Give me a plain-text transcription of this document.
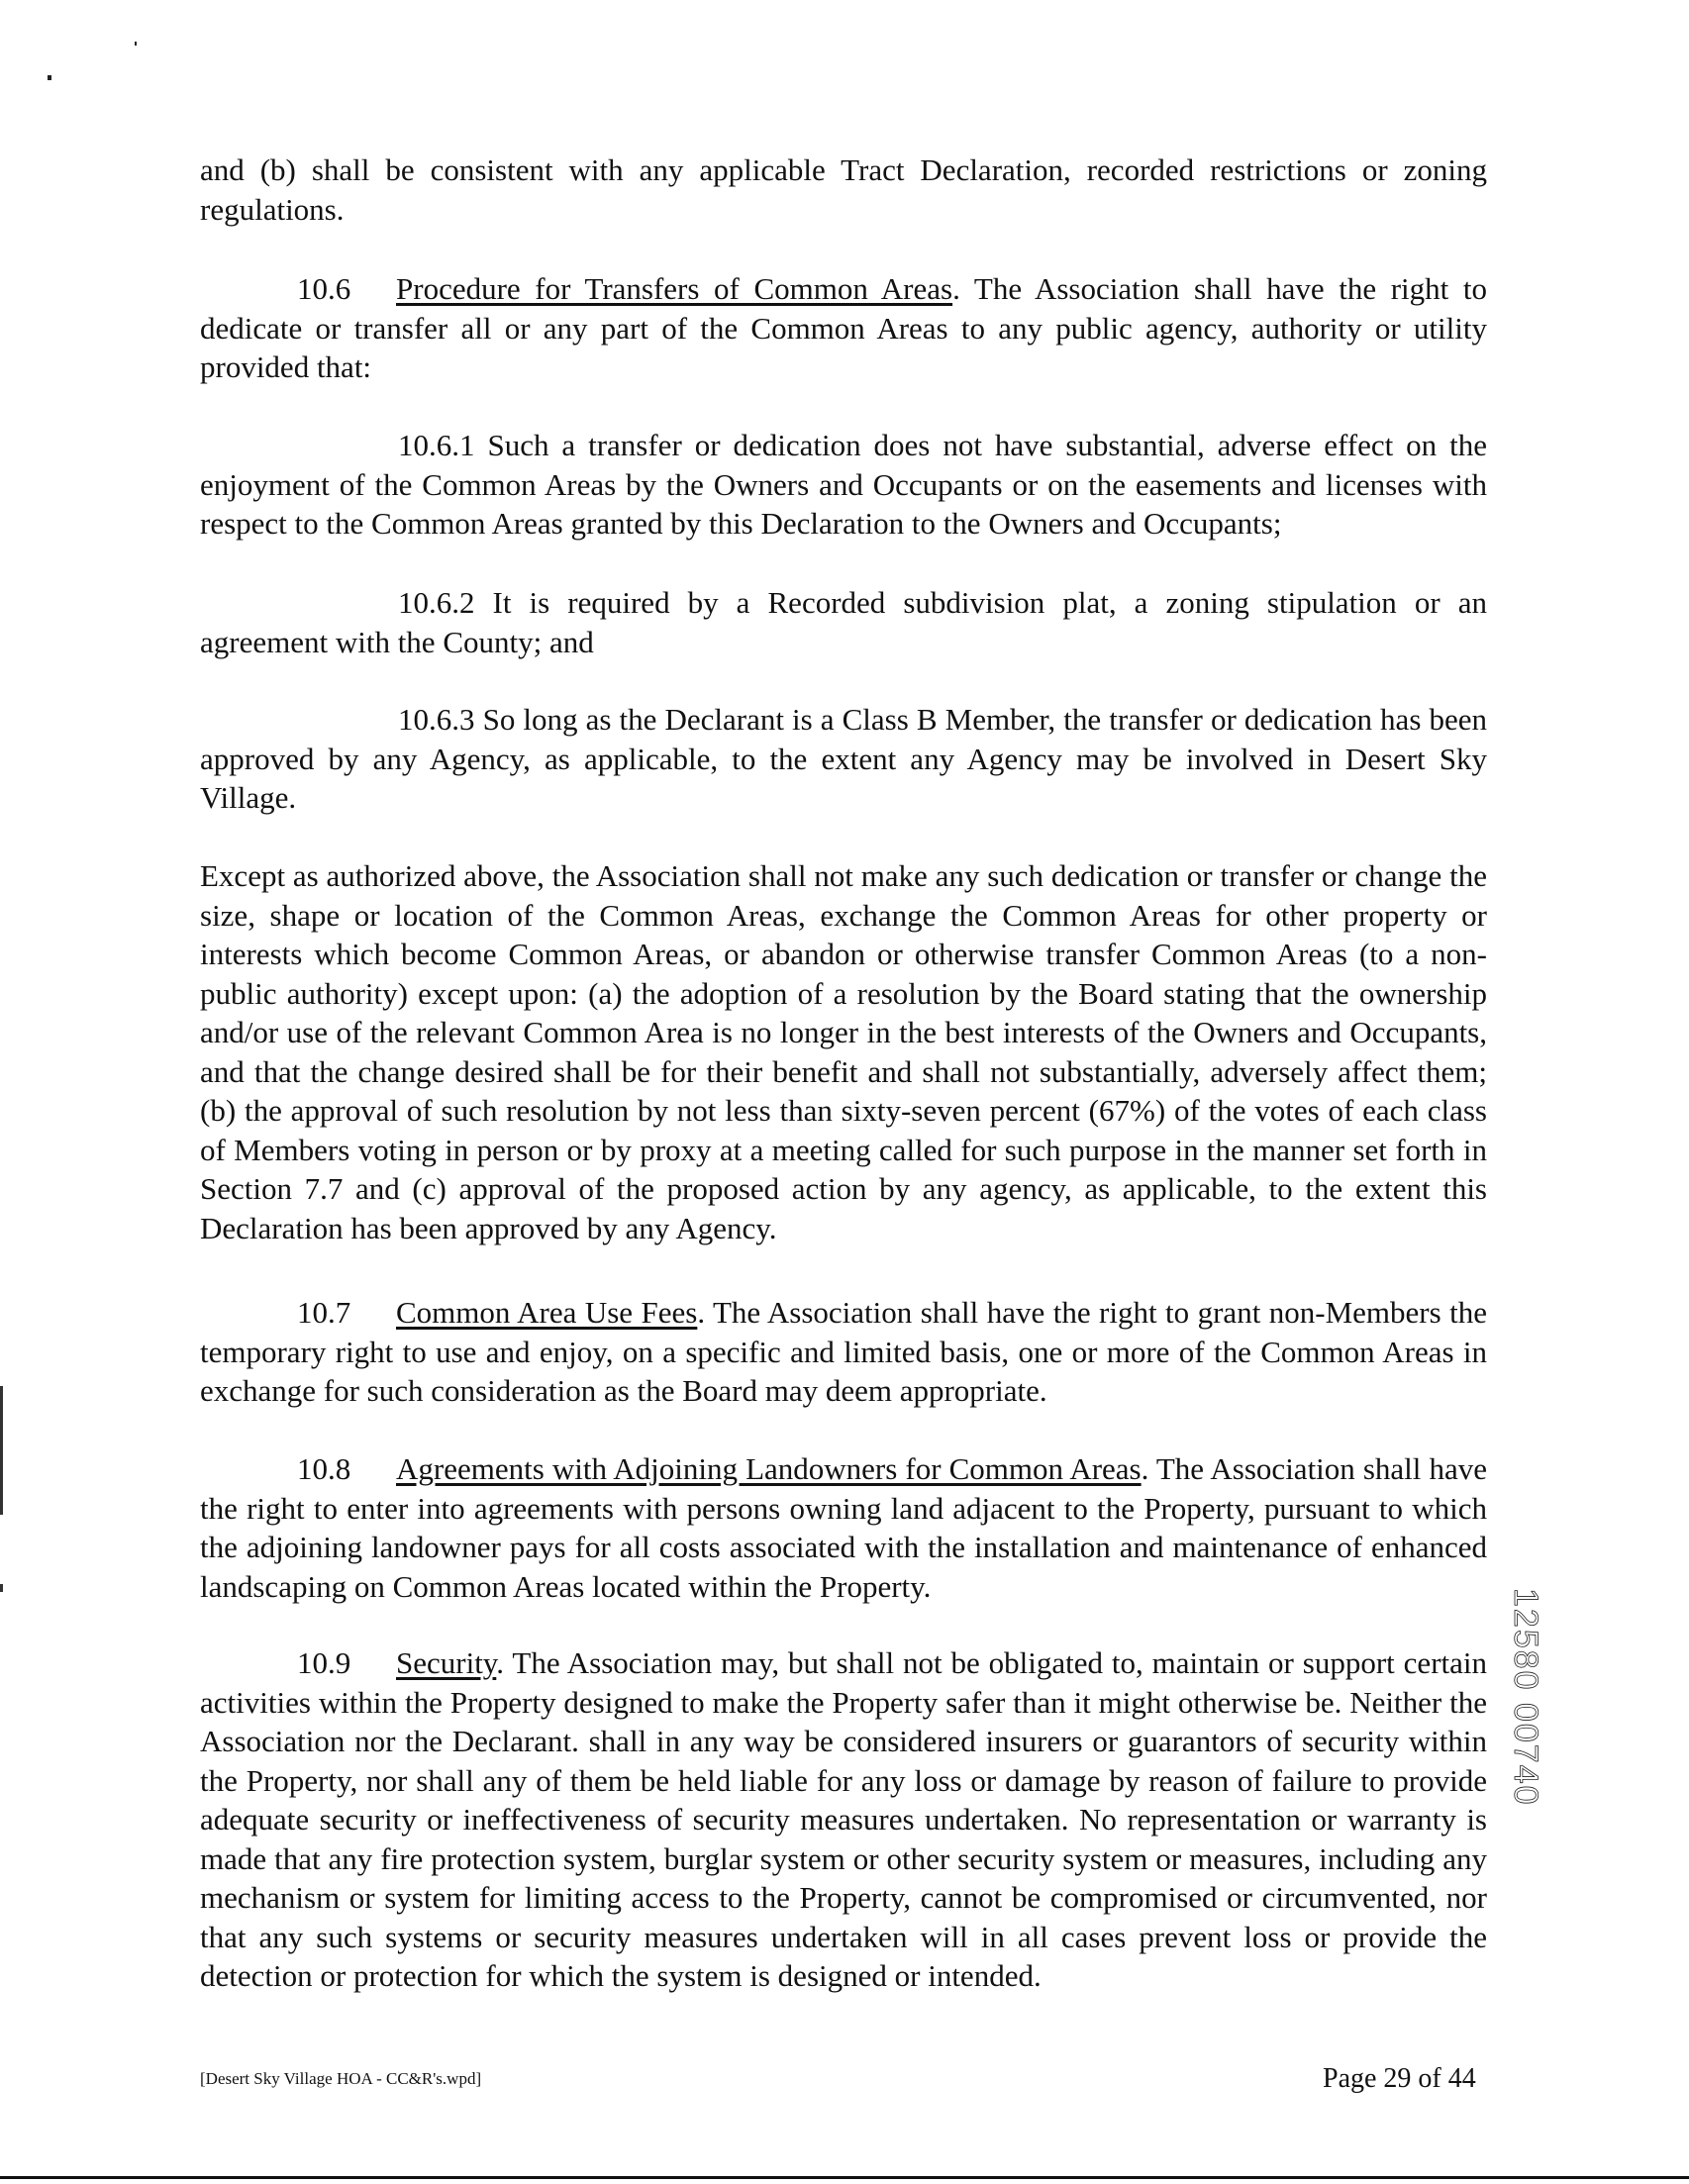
and (b) shall be consistent with any applicable Tract Declaration, recorded restrictions or zoning regulations.
10.6 Procedure for Transfers of Common Areas. The Association shall have the right to dedicate or transfer all or any part of the Common Areas to any public agency, authority or utility provided that:
10.6.1 Such a transfer or dedication does not have substantial, adverse effect on the enjoyment of the Common Areas by the Owners and Occupants or on the easements and licenses with respect to the Common Areas granted by this Declaration to the Owners and Occupants;
10.6.2 It is required by a Recorded subdivision plat, a zoning stipulation or an agreement with the County; and
10.6.3 So long as the Declarant is a Class B Member, the transfer or dedication has been approved by any Agency, as applicable, to the extent any Agency may be involved in Desert Sky Village.
Except as authorized above, the Association shall not make any such dedication or transfer or change the size, shape or location of the Common Areas, exchange the Common Areas for other property or interests which become Common Areas, or abandon or otherwise transfer Common Areas (to a non-public authority) except upon: (a) the adoption of a resolution by the Board stating that the ownership and/or use of the relevant Common Area is no longer in the best interests of the Owners and Occupants, and that the change desired shall be for their benefit and shall not substantially, adversely affect them; (b) the approval of such resolution by not less than sixty-seven percent (67%) of the votes of each class of Members voting in person or by proxy at a meeting called for such purpose in the manner set forth in Section 7.7 and (c) approval of the proposed action by any agency, as applicable, to the extent this Declaration has been approved by any Agency.
10.7 Common Area Use Fees. The Association shall have the right to grant non-Members the temporary right to use and enjoy, on a specific and limited basis, one or more of the Common Areas in exchange for such consideration as the Board may deem appropriate.
10.8 Agreements with Adjoining Landowners for Common Areas. The Association shall have the right to enter into agreements with persons owning land adjacent to the Property, pursuant to which the adjoining landowner pays for all costs associated with the installation and maintenance of enhanced landscaping on Common Areas located within the Property.
10.9 Security. The Association may, but shall not be obligated to, maintain or support certain activities within the Property designed to make the Property safer than it might otherwise be. Neither the Association nor the Declarant. shall in any way be considered insurers or guarantors of security within the Property, nor shall any of them be held liable for any loss or damage by reason of failure to provide adequate security or ineffectiveness of security measures undertaken. No representation or warranty is made that any fire protection system, burglar system or other security system or measures, including any mechanism or system for limiting access to the Property, cannot be compromised or circumvented, nor that any such systems or security measures undertaken will in all cases prevent loss or provide the detection or protection for which the system is designed or intended.
[Desert Sky Village HOA - CC&R's.wpd]	Page 29 of 44
12580 00740
